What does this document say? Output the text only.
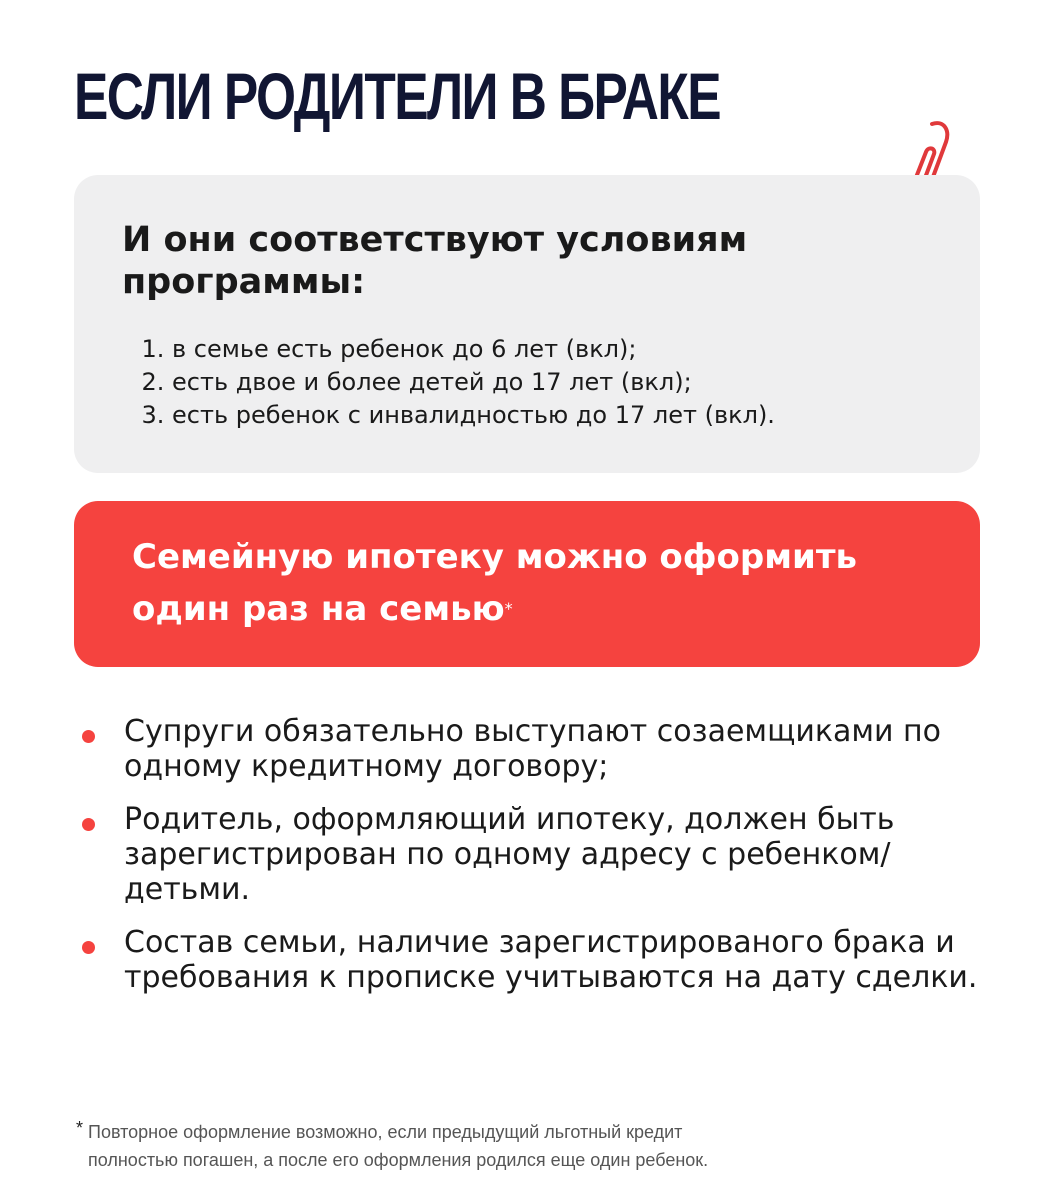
ЕСЛИ РОДИТЕЛИ В БРАКЕ
И они соответствуют условиям программы:
1. в семье есть ребенок до 6 лет (вкл);
2. есть двое и более детей до 17 лет (вкл);
3. есть ребенок с инвалидностью до 17 лет (вкл).

Семейную ипотеку можно оформить один раз на семью*

Супруги обязательно выступают созаемщиками по одному кредитному договору;
Родитель, оформляющий ипотеку, должен быть зарегистрирован по одному адресу с ребенком/детьми.
Состав семьи, наличие зарегистрированого брака и требования к прописке учитываются на дату сделки.
* Повторное оформление возможно, если предыдущий льготный кредит
полностью погашен, а после его оформления родился еще один ребенок.
